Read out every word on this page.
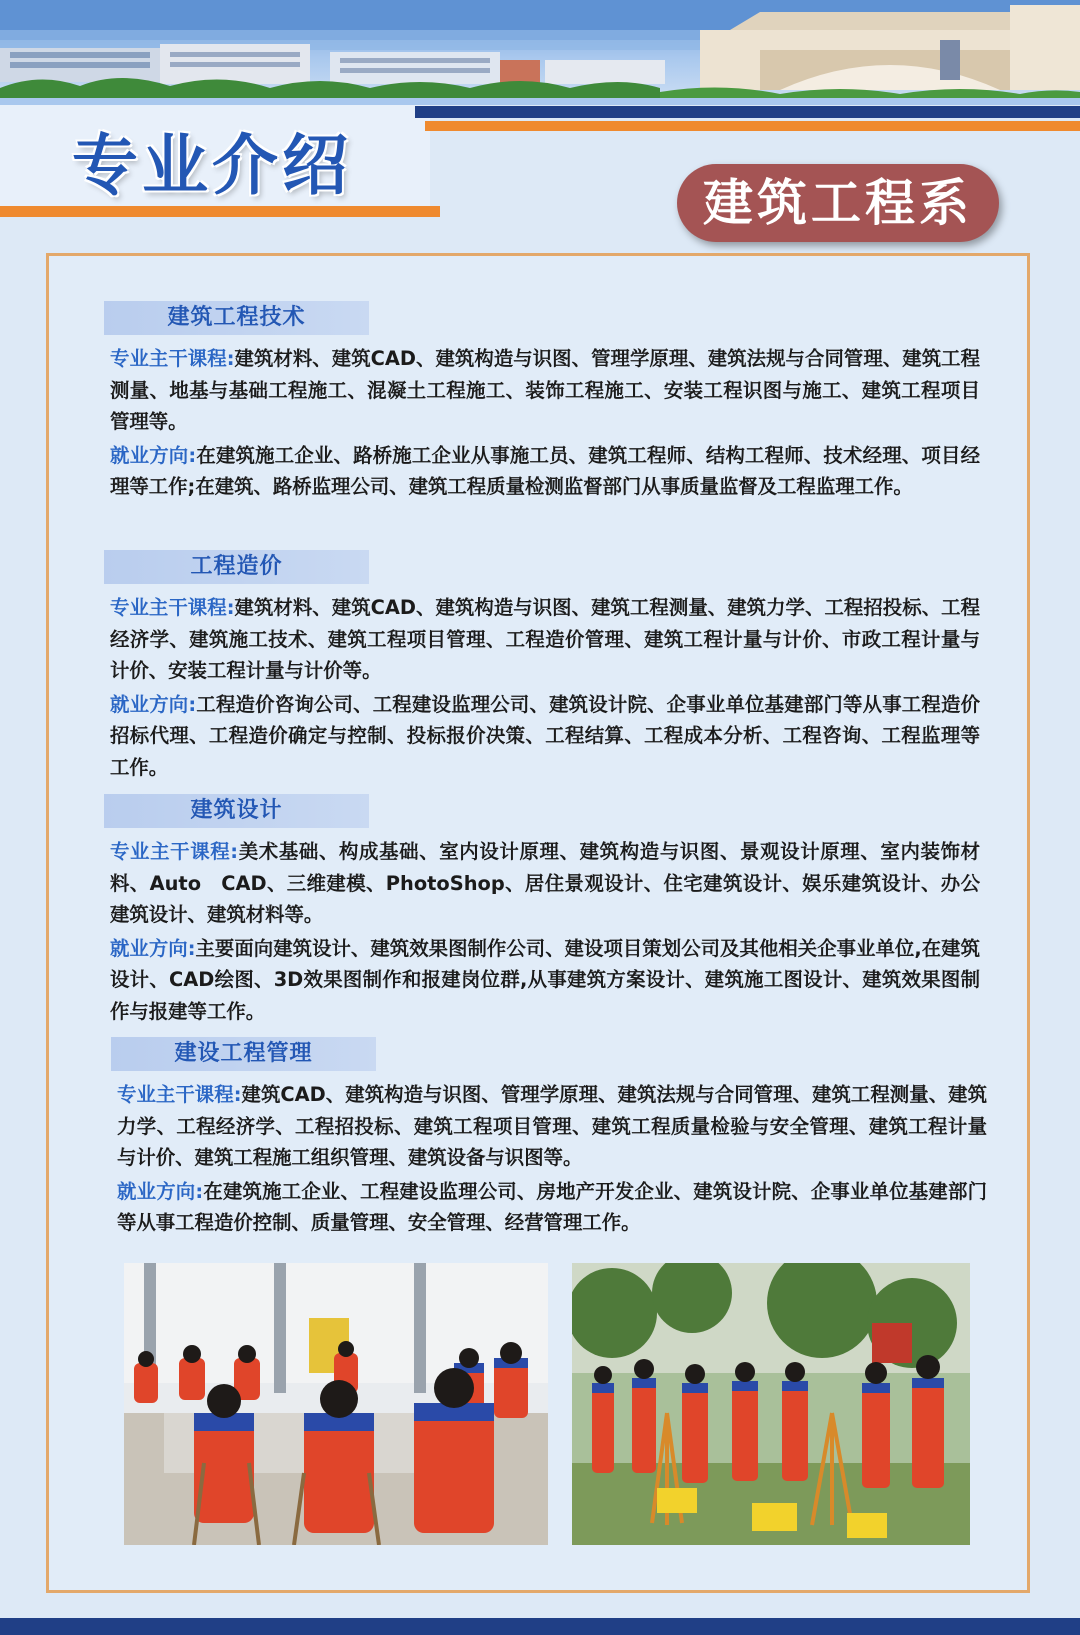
专业介绍	建筑工程系
建筑工程技术

专业主干课程:建筑材料、建筑CAD、建筑构造与识图、管理学原理、建筑法规与合同管理、建筑工程测量、地基与基础工程施工、混凝土工程施工、装饰工程施工、安装工程识图与施工、建筑工程项目管理等。

就业方向:在建筑施工企业、路桥施工企业从事施工员、建筑工程师、结构工程师、技术经理、项目经理等工作;在建筑、路桥监理公司、建筑工程质量检测监督部门从事质量监督及工程监理工作。

工程造价

专业主干课程:建筑材料、建筑CAD、建筑构造与识图、建筑工程测量、建筑力学、工程招投标、工程经济学、建筑施工技术、建筑工程项目管理、工程造价管理、建筑工程计量与计价、市政工程计量与计价、安装工程计量与计价等。

就业方向:工程造价咨询公司、工程建设监理公司、建筑设计院、企事业单位基建部门等从事工程造价招标代理、工程造价确定与控制、投标报价决策、工程结算、工程成本分析、工程咨询、工程监理等工作。

建筑设计

专业主干课程:美术基础、构成基础、室内设计原理、建筑构造与识图、景观设计原理、室内装饰材料、Auto　CAD、三维建模、PhotoShop、居住景观设计、住宅建筑设计、娱乐建筑设计、办公建筑设计、建筑材料等。

就业方向:主要面向建筑设计、建筑效果图制作公司、建设项目策划公司及其他相关企事业单位,在建筑设计、CAD绘图、3D效果图制作和报建岗位群,从事建筑方案设计、建筑施工图设计、建筑效果图制作与报建等工作。

建设工程管理

专业主干课程:建筑CAD、建筑构造与识图、管理学原理、建筑法规与合同管理、建筑工程测量、建筑力学、工程经济学、工程招投标、建筑工程项目管理、建筑工程质量检验与安全管理、建筑工程计量与计价、建筑工程施工组织管理、建筑设备与识图等。

就业方向:在建筑施工企业、工程建设监理公司、房地产开发企业、建筑设计院、企事业单位基建部门等从事工程造价控制、质量管理、安全管理、经营管理工作。
